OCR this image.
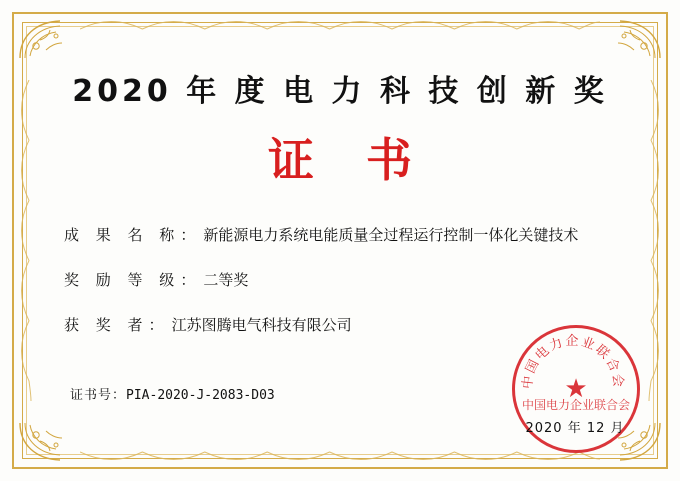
2020 年 度 电 力 科 技 创 新 奖
证 书
成 果 名 称 ： 新能源电力系统电能质量全过程运行控制一体化关键技术
奖 励 等 级 ： 二等奖
获 奖 者 ： 江苏图腾电气科技有限公司
证书号：PIA-2020-J-2083-D03
中国电力企业联合会
★
中国电力企业联合会
2020 年 12 月
